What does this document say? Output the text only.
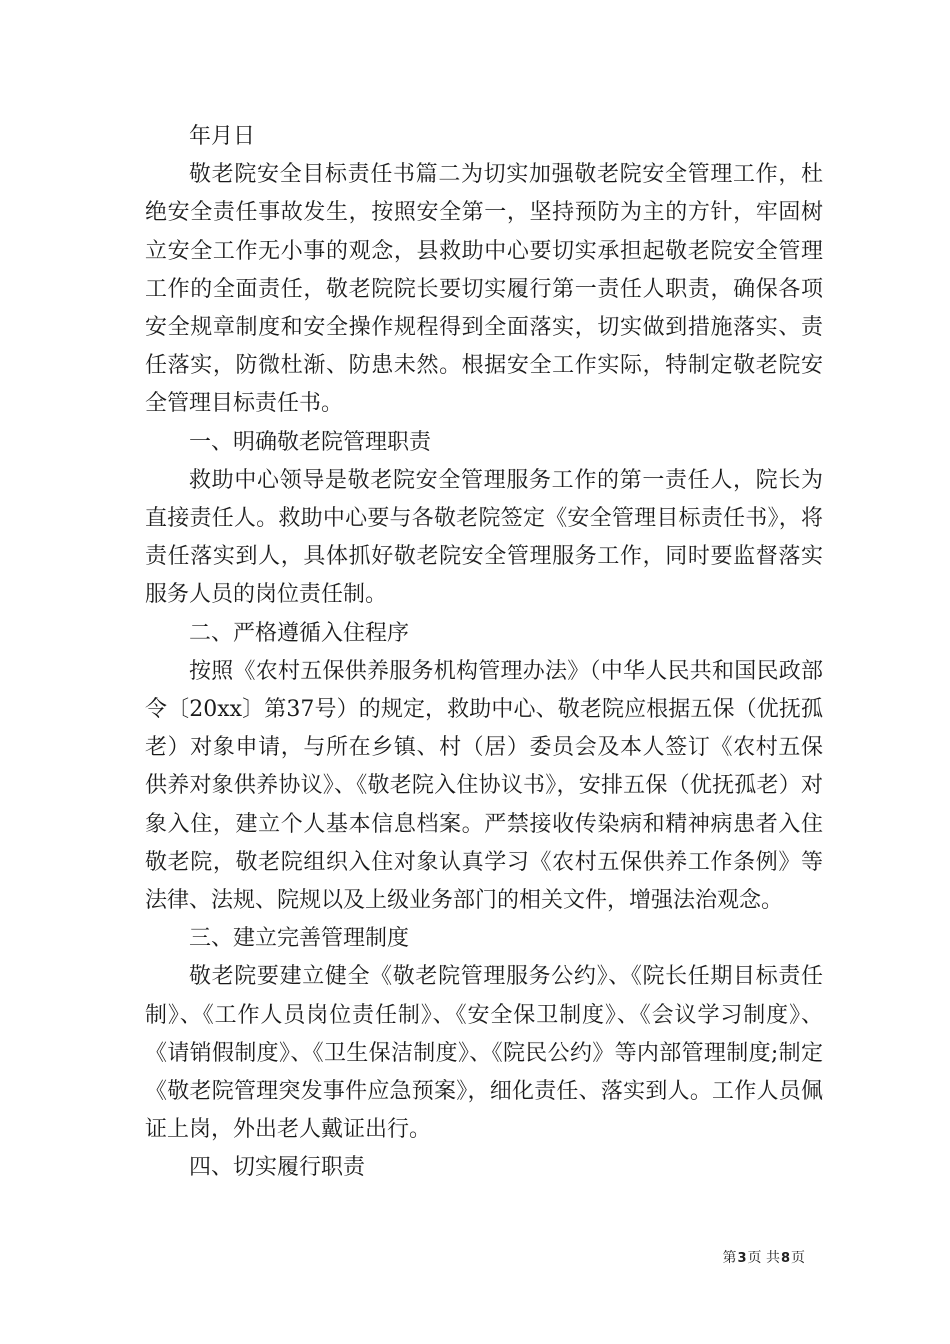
年月日

敬老院安全目标责任书篇二为切实加强敬老院安全管理工作，杜绝安全责任事故发生，按照安全第一，坚持预防为主的方针，牢固树立安全工作无小事的观念，县救助中心要切实承担起敬老院安全管理工作的全面责任，敬老院院长要切实履行第一责任人职责，确保各项安全规章制度和安全操作规程得到全面落实，切实做到措施落实、责任落实，防微杜渐、防患未然。根据安全工作实际，特制定敬老院安全管理目标责任书。

一、明确敬老院管理职责

救助中心领导是敬老院安全管理服务工作的第一责任人，院长为直接责任人。救助中心要与各敬老院签定《安全管理目标责任书》，将责任落实到人，具体抓好敬老院安全管理服务工作，同时要监督落实服务人员的岗位责任制。

二、严格遵循入住程序

按照《农村五保供养服务机构管理办法》（中华人民共和国民政部令〔20xx〕第37号）的规定，救助中心、敬老院应根据五保（优抚孤老）对象申请，与所在乡镇、村（居）委员会及本人签订《农村五保供养对象供养协议》、《敬老院入住协议书》，安排五保（优抚孤老）对象入住，建立个人基本信息档案。严禁接收传染病和精神病患者入住敬老院，敬老院组织入住对象认真学习《农村五保供养工作条例》等法律、法规、院规以及上级业务部门的相关文件，增强法治观念。

三、建立完善管理制度

敬老院要建立健全《敬老院管理服务公约》、《院长任期目标责任制》、《工作人员岗位责任制》、《安全保卫制度》、《会议学习制度》、《请销假制度》、《卫生保洁制度》、《院民公约》等内部管理制度;制定《敬老院管理突发事件应急预案》，细化责任、落实到人。工作人员佩证上岗，外出老人戴证出行。

四、切实履行职责

第3页 共8页
